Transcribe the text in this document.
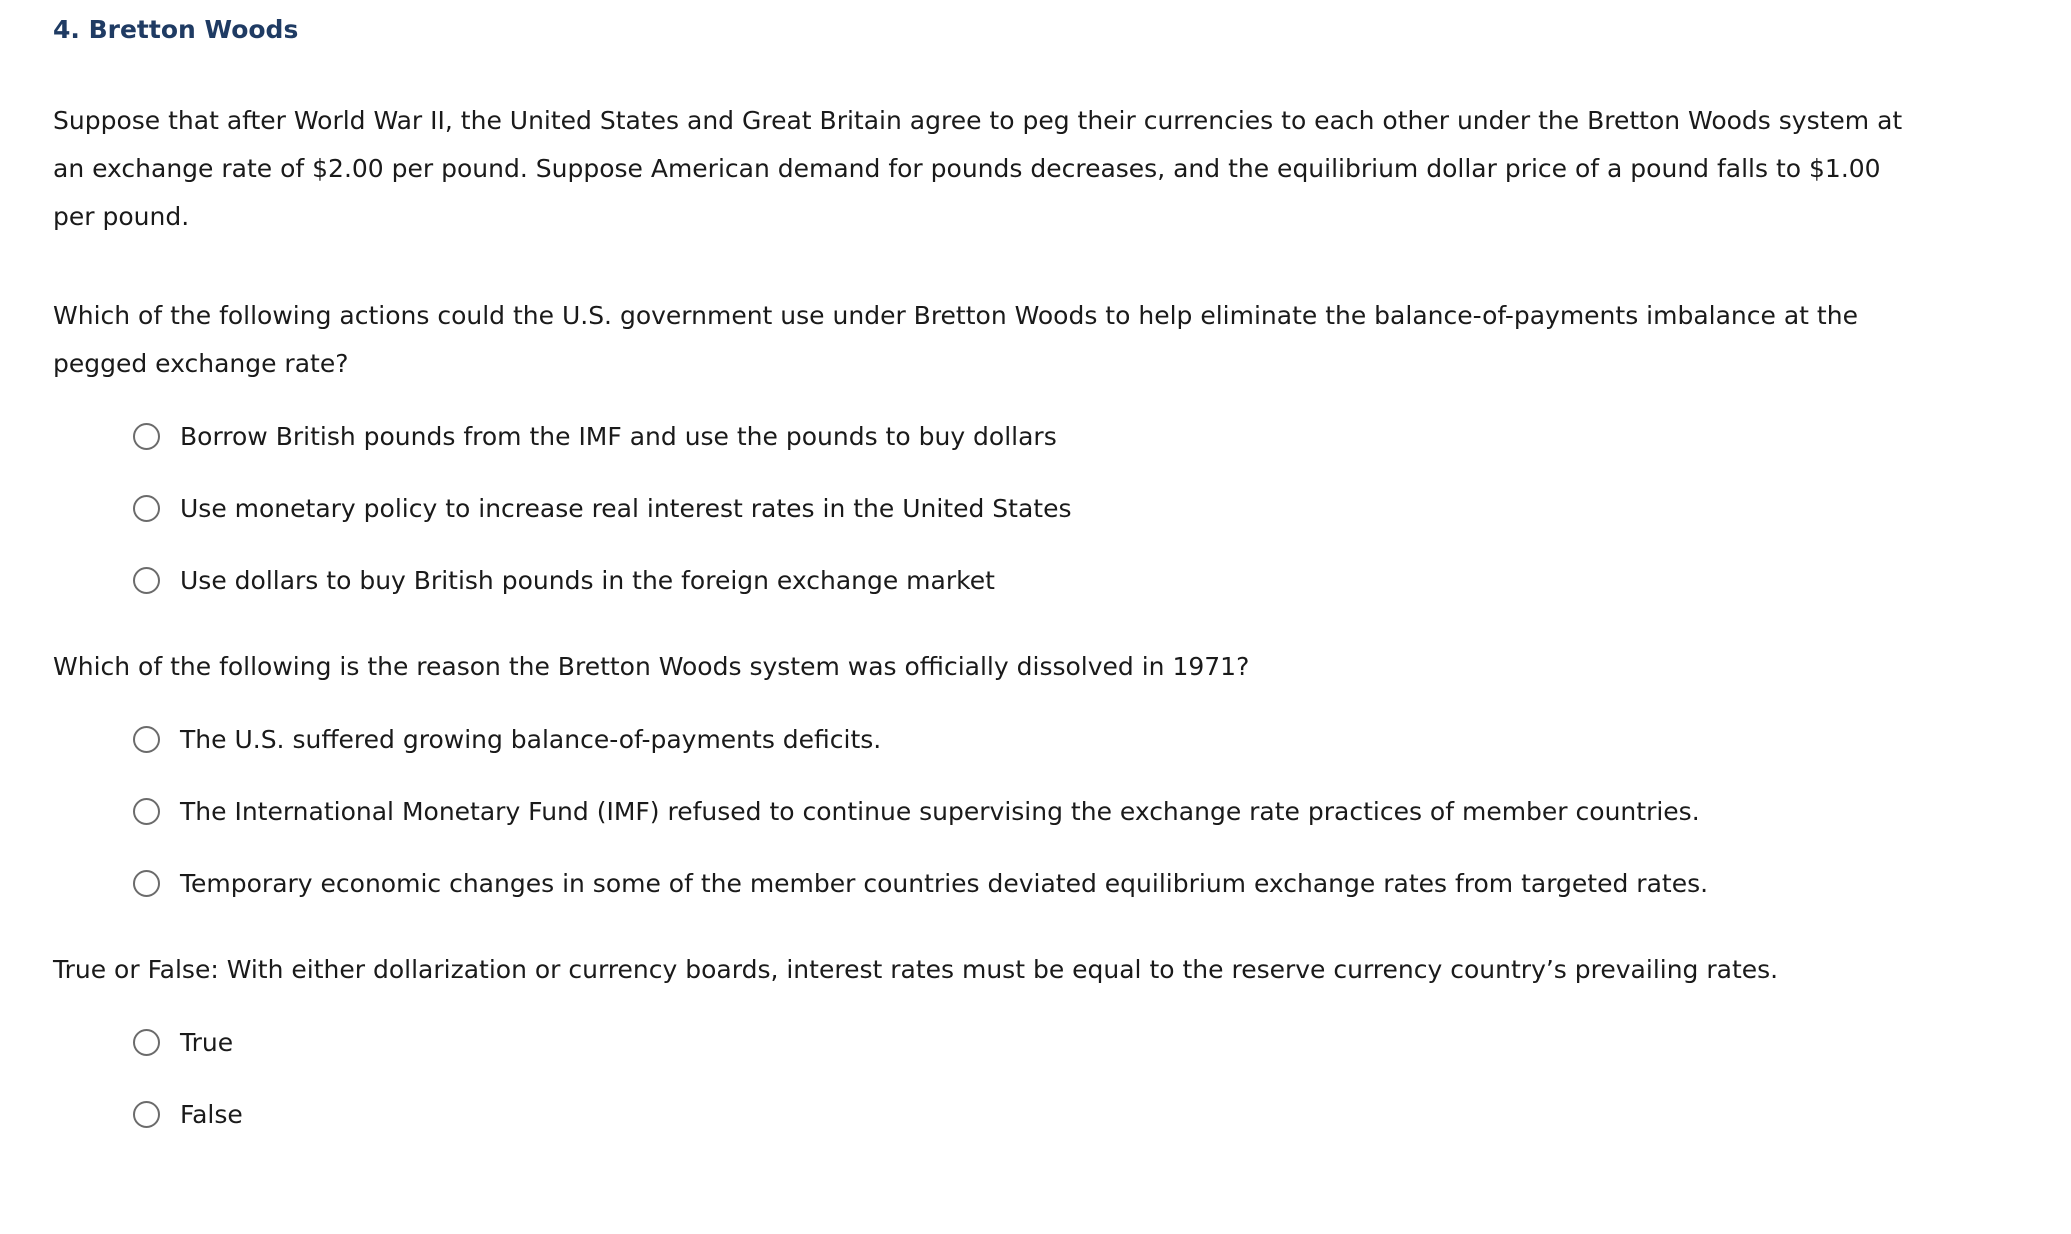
4. Bretton Woods

Suppose that after World War II, the United States and Great Britain agree to peg their currencies to each other under the Bretton Woods system at an exchange rate of $2.00 per pound. Suppose American demand for pounds decreases, and the equilibrium dollar price of a pound falls to $1.00 per pound.

Which of the following actions could the U.S. government use under Bretton Woods to help eliminate the balance-of-payments imbalance at the pegged exchange rate?

Borrow British pounds from the IMF and use the pounds to buy dollars
Use monetary policy to increase real interest rates in the United States
Use dollars to buy British pounds in the foreign exchange market

Which of the following is the reason the Bretton Woods system was officially dissolved in 1971?

The U.S. suffered growing balance-of-payments deficits.
The International Monetary Fund (IMF) refused to continue supervising the exchange rate practices of member countries.
Temporary economic changes in some of the member countries deviated equilibrium exchange rates from targeted rates.

True or False: With either dollarization or currency boards, interest rates must be equal to the reserve currency country’s prevailing rates.

True
False
